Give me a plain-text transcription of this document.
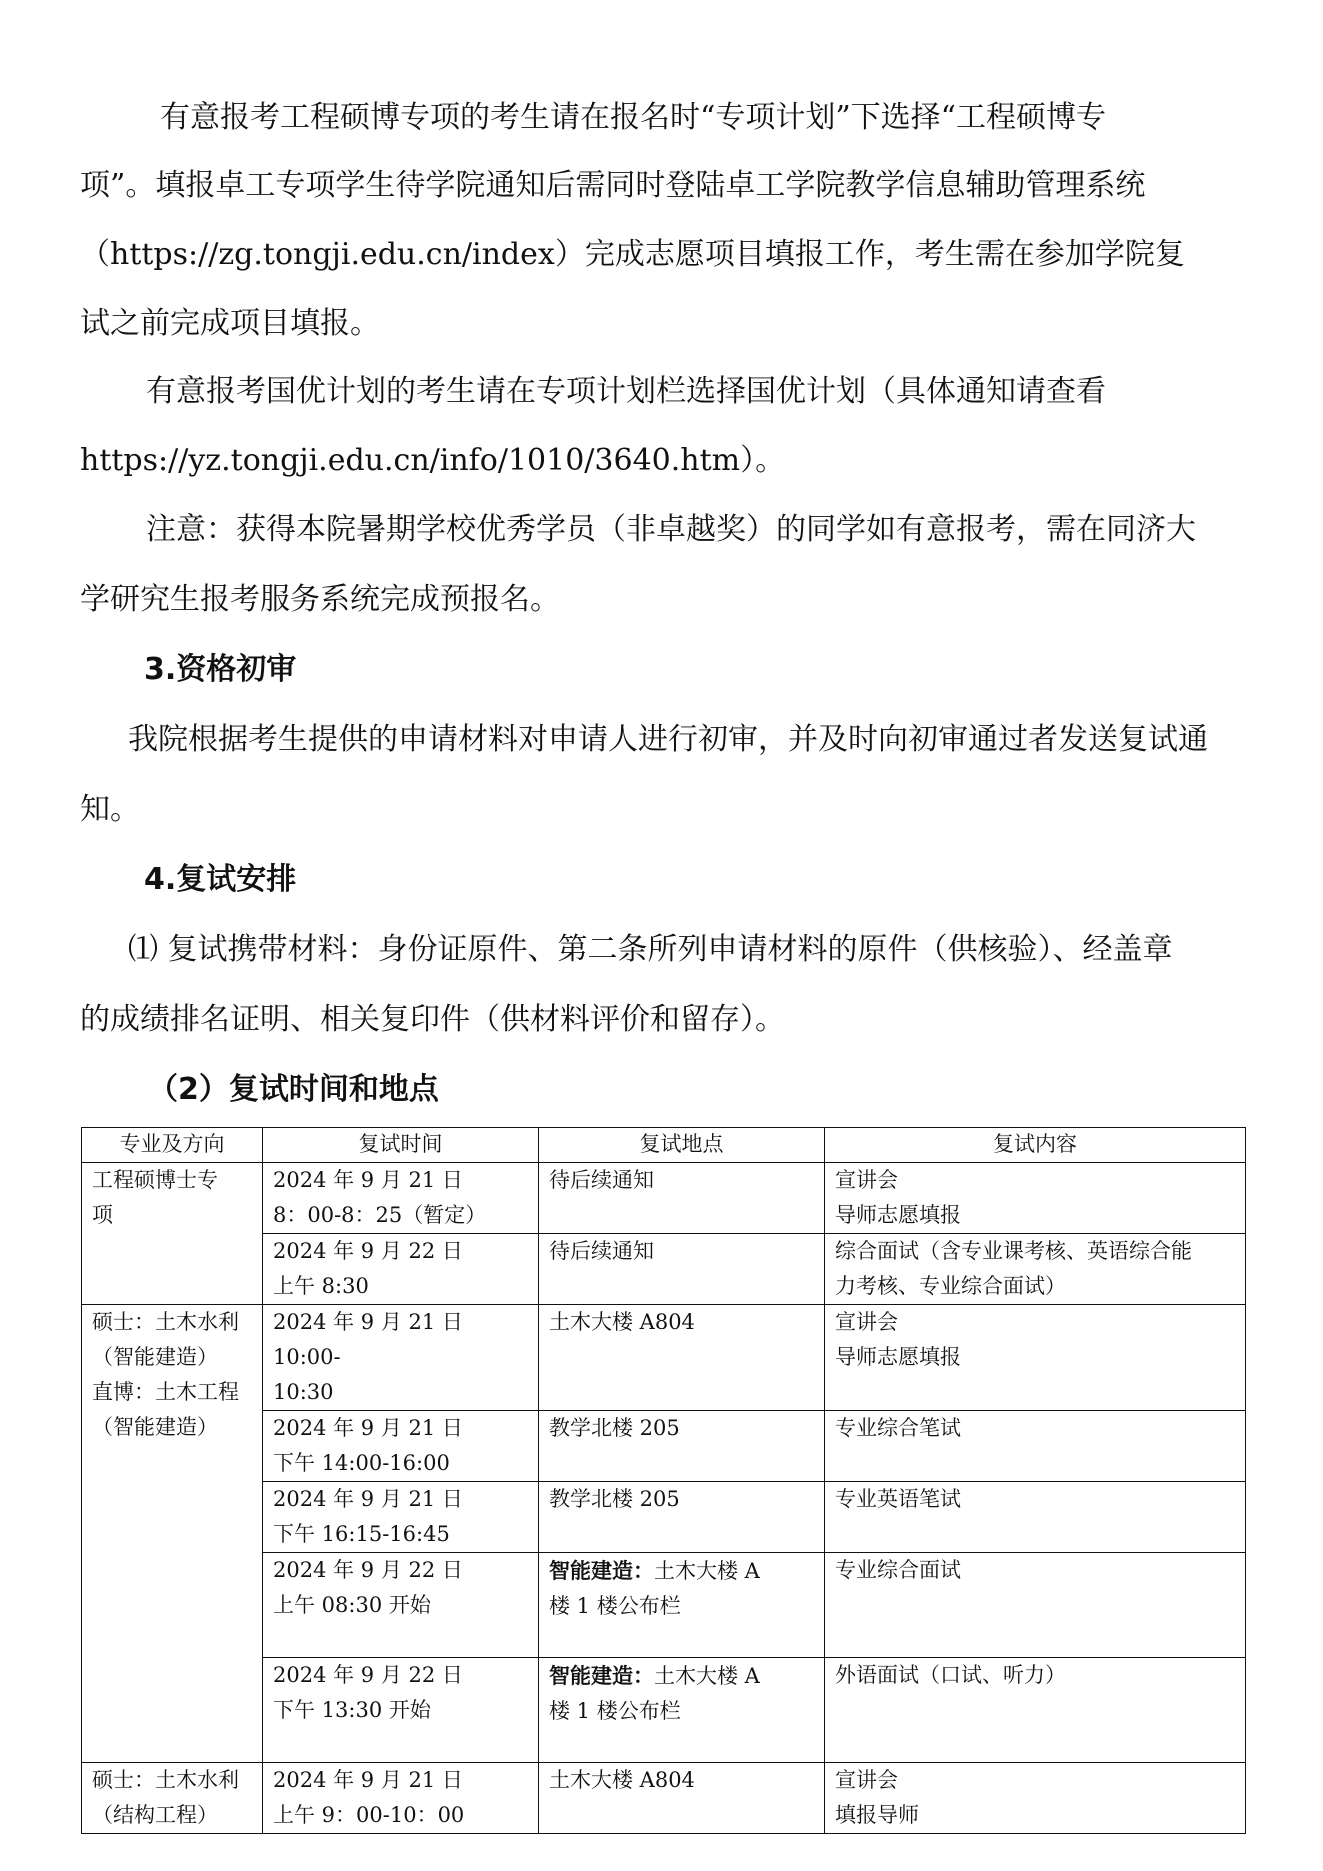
有意报考工程硕博专项的考生请在报名时“专项计划”下选择“工程硕博专

项”。填报卓工专项学生待学院通知后需同时登陆卓工学院教学信息辅助管理系统

（https://zg.tongji.edu.cn/index）完成志愿项目填报工作，考生需在参加学院复

试之前完成项目填报。

有意报考国优计划的考生请在专项计划栏选择国优计划（具体通知请查看

https://yz.tongji.edu.cn/info/1010/3640.htm）。

注意：获得本院暑期学校优秀学员（非卓越奖）的同学如有意报考，需在同济大

学研究生报考服务系统完成预报名。

3.资格初审

我院根据考生提供的申请材料对申请人进行初审，并及时向初审通过者发送复试通

知。

4.复试安排

⑴ 复试携带材料：身份证原件、第二条所列申请材料的原件（供核验）、经盖章

的成绩排名证明、相关复印件（供材料评价和留存）。

（2）复试时间和地点
专业及方向	复试时间	复试地点	复试内容

工程硕博士专
项	2024 年 9 月 21 日
8：00-8：25（暂定）	待后续通知	宣讲会
导师志愿填报

	2024 年 9 月 22 日
上午 8:30	待后续通知	综合面试（含专业课考核、英语综合能
力考核、专业综合面试）

硕士：土木水利
（智能建造）
直博：土木工程
（智能建造）	2024 年 9 月 21 日 10:00-
10:30	土木大楼 A804	宣讲会
导师志愿填报

	2024 年 9 月 21 日
下午 14:00-16:00	教学北楼 205	专业综合笔试

	2024 年 9 月 21 日
下午 16:15-16:45	教学北楼 205	专业英语笔试

	2024 年 9 月 22 日
上午 08:30 开始	智能建造：土木大楼 A
楼 1 楼公布栏	专业综合面试

	2024 年 9 月 22 日
下午 13:30 开始	智能建造：土木大楼 A
楼 1 楼公布栏	外语面试（口试、听力）

硕士：土木水利
（结构工程）	2024 年 9 月 21 日
上午 9：00-10：00	土木大楼 A804	宣讲会
填报导师
